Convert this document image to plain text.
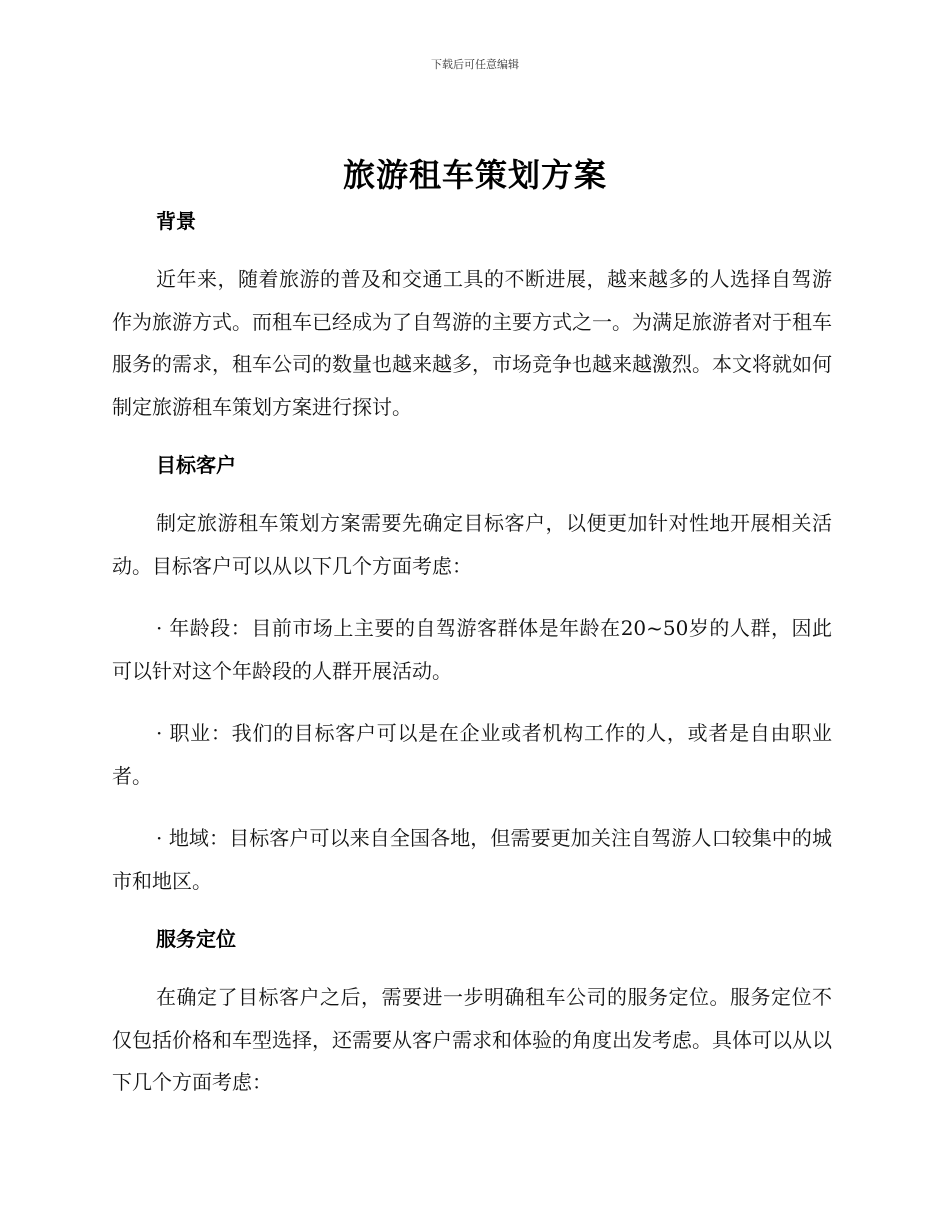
下载后可任意编辑
旅游租车策划方案
背景

近年来，随着旅游的普及和交通工具的不断进展，越来越多的人选择自驾游作为旅游方式。而租车已经成为了自驾游的主要方式之一。为满足旅游者对于租车服务的需求，租车公司的数量也越来越多，市场竞争也越来越激烈。本文将就如何制定旅游租车策划方案进行探讨。

目标客户

制定旅游租车策划方案需要先确定目标客户，以便更加针对性地开展相关活动。目标客户可以从以下几个方面考虑：

· 年龄段：目前市场上主要的自驾游客群体是年龄在20~50岁的人群，因此可以针对这个年龄段的人群开展活动。

· 职业：我们的目标客户可以是在企业或者机构工作的人，或者是自由职业者。

· 地域：目标客户可以来自全国各地，但需要更加关注自驾游人口较集中的城市和地区。

服务定位

在确定了目标客户之后，需要进一步明确租车公司的服务定位。服务定位不仅包括价格和车型选择，还需要从客户需求和体验的角度出发考虑。具体可以从以下几个方面考虑：
